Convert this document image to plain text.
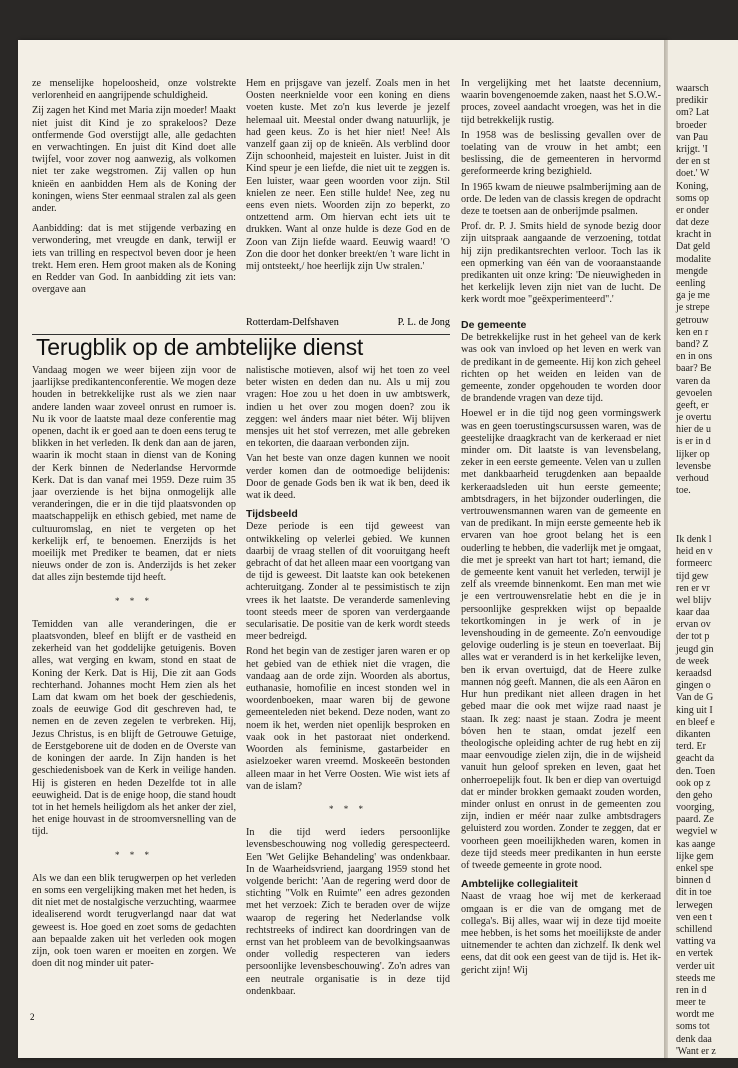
ze menselijke hopeloosheid, onze volstrekte verlorenheid en aangrijpende schuldigheid.

Zij zagen het Kind met Maria zijn moeder! Maakt niet juist dit Kind je zo sprakeloos? Deze ontfermende God overstijgt alle, alle gedachten en verwachtingen. En juist dit Kind doet alle twijfel, voor zover nog aanwezig, als volkomen niet ter zake wegstromen. Zij vallen op hun knieën en aanbidden Hem als de Koning der koningen, wiens Ster eenmaal stralen zal als geen ander.

Aanbidding: dat is met stijgende verbazing en verwondering, met vreugde en dank, terwijl er iets van trilling en respectvol beven door je heen trekt. Hem eren. Hem groot maken als de Koning en Redder van God. In aanbidding zit iets van: overgave aan

Hem en prijsgave van jezelf. Zoals men in het Oosten neerknielde voor een koning en diens voeten kuste. Met zo'n kus leverde je jezelf helemaal uit. Meestal onder dwang natuurlijk, je had geen keus. Zo is het hier niet! Nee! Als vanzelf gaan zij op de knieën. Als verblind door Zijn schoonheid, majesteit en luister. Juist in dit Kind speur je een liefde, die niet uit te zeggen is. Een luister, waar geen woorden voor zijn. Stil knielen ze neer. Een stille hulde! Nee, zeg nu eens even niets. Woorden zijn zo beperkt, zo ontzettend arm. Om hiervan echt iets uit te drukken. Want al onze hulde is deze God en de Zoon van Zijn liefde waard. Eeuwig waard! 'O Zon die door het donker breekt/en 't ware licht in mij ontsteekt,/ hoe heerlijk zijn Uw stralen.'

Rotterdam-Delfshaven	P. L. de Jong

In vergelijking met het laatste decennium, waarin bovengenoemde zaken, naast het S.O.W.-proces, zoveel aandacht vroegen, was het in die tijd betrekkelijk rustig.

In 1958 was de beslissing gevallen over de toelating van de vrouw in het ambt; een beslissing, die de gemeenteren in hervormd gereformeerde kring bezighield.

In 1965 kwam de nieuwe psalmberijming aan de orde. De leden van de classis kregen de opdracht deze te toetsen aan de onberijmde psalmen.

Prof. dr. P. J. Smits hield de synode bezig door zijn uitspraak aangaande de verzoening, totdat hij zijn predikantsrechten verloor. Toch las ik een opmerking van één van de vooraanstaande predikanten uit onze kring: 'De nieuwigheden in het kerkelijk leven zijn niet van de lucht. De kerk wordt moe "geëxperimenteerd".'

Terugblik op de ambtelijke dienst

Vandaag mogen we weer bijeen zijn voor de jaarlijkse predikantenconferentie. We mogen deze houden in betrekkelijke rust als we zien naar andere landen waar zoveel onrust en rumoer is. Nu ik voor de laatste maal deze conferentie mag openen, dacht ik er goed aan te doen eens terug te blikken in het verleden. Ik denk dan aan de jaren, waarin ik mocht staan in dienst van de Koning der Kerk binnen de Nederlandse Hervormde Kerk. Dat is dan vanaf mei 1959. Deze ruim 35 jaar overziende is het bijna onmogelijk alle veranderingen, die er in die tijd plaatsvonden op maatschappelijk en ethisch gebied, met name de cultuuromslag, en niet te vergeten op het kerkelijk erf, te benoemen. Enerzijds is het moeilijk met Prediker te beamen, dat er niets nieuws onder de zon is. Anderzijds is het zeker dat alles zijn bestemde tijd heeft.

* * *

Temidden van alle veranderingen, die er plaatsvonden, bleef en blijft er de vastheid en zekerheid van het goddelijke getuigenis. Boven alles, wat verging en kwam, stond en staat de Koning der Kerk. Dat is Hij, Die zit aan Gods rechterhand. Johannes mocht Hem zien als het Lam dat kwam om het boek der geschiedenis, zoals de eeuwige God dit geschreven had, te nemen en de zeven zegelen te verbreken. Hij, Jezus Christus, is en blijft de Getrouwe Getuige, de Eerstgeborene uit de doden en de Overste van de koningen der aarde. In Zijn handen is het geschiedenisboek van de Kerk in veilige handen. Hij is gisteren en heden Dezelfde tot in alle eeuwigheid. Dat is de enige hoop, die stand houdt tot in het hemels heiligdom als het anker der ziel, het enige houvast in de stroomversnelling van de tijd.

* * *

Als we dan een blik terugwerpen op het verleden en soms een vergelijking maken met het heden, is dit niet met de nostalgische verzuchting, waarmee idealiserend wordt terugverlangd naar dat wat geweest is. Hoe goed en zoet soms de gedachten aan bepaalde zaken uit het verleden ook mogen zijn, ook toen waren er moeiten en zorgen. We doen dit nog minder uit pater-

nalistische motieven, alsof wij het toen zo veel beter wisten en deden dan nu. Als u mij zou vragen: Hoe zou u het doen in uw ambtswerk, indien u het over zou mogen doen? zou ik zeggen: wel ánders maar niet béter. Wij blijven mensjes uit het stof verrezen, met alle gebreken en tekorten, die daaraan verbonden zijn.

Van het beste van onze dagen kunnen we nooit verder komen dan de ootmoedige belijdenis: Door de genade Gods ben ik wat ik ben, deed ik wat ik deed.

Tijdsbeeld

Deze periode is een tijd geweest van ontwikkeling op velerlei gebied. We kunnen daarbij de vraag stellen of dit vooruitgang heeft gebracht of dat het alleen maar een voortgang van de tijd is geweest. Dit laatste kan ook betekenen achteruitgang. Zonder al te pessimistisch te zijn vrees ik het laatste. De veranderde samenleving toont steeds meer de sporen van verdergaande secularisatie. De positie van de kerk wordt steeds meer bedreigd.

Rond het begin van de zestiger jaren waren er op het gebied van de ethiek niet die vragen, die vandaag aan de orde zijn. Woorden als abortus, euthanasie, homofilie en incest stonden wel in woordenboeken, maar waren bij de gewone gemeenteleden niet bekend. Deze noden, want zo noem ik het, werden niet openlijk besproken en vaak ook in het pastoraat niet onderkend. Woorden als feminisme, gastarbeider en asielzoeker waren vreemd. Moskeeën bestonden alleen maar in het Verre Oosten. Wie wist iets af van de islam?

* * *

In die tijd werd ieders persoonlijke levensbeschouwing nog volledig gerespecteerd. Een 'Wet Gelijke Behandeling' was ondenkbaar. In de Waarheidsvriend, jaargang 1959 stond het volgende bericht: 'Aan de regering werd door de stichting "Volk en Ruimte" een adres gezonden met het verzoek: Zich te beraden over de wijze waarop de regering het Nederlandse volk rechtstreeks of indirect kan doordringen van de ernst van het probleem van de bevolkingsaanwas onder volledig respecteren van ieders persoonlijke levensbeschouwing'. Zo'n adres van een neutrale organisatie is in deze tijd ondenkbaar.

De gemeente

De betrekkelijke rust in het geheel van de kerk was ook van invloed op het leven en werk van de predikant in de gemeente. Hij kon zich geheel richten op het weiden en leiden van de gemeente, zonder opgehouden te worden door de brandende vragen van deze tijd.

Hoewel er in die tijd nog geen vormingswerk was en geen toerustingscursussen waren, was de geestelijke draagkracht van de kerkeraad er niet minder om. Dit laatste is van levensbelang, zeker in een eerste gemeente. Velen van u zullen met dankbaarheid terugdenken aan bepaalde kerkeraadsleden uit hun eerste gemeente; ambtsdragers, in het bijzonder ouderlingen, die vertrouwensmannen waren van de gemeente en van de predikant. In mijn eerste gemeente heb ik ervaren van hoe groot belang het is een ouderling te hebben, die vaderlijk met je omgaat, die met je spreekt van hart tot hart; iemand, die de gemeente kent vanuit het verleden, terwijl je zelf als vreemde binnenkomt. Een man met wie je een vertrouwensrelatie hebt en die je in persoonlijke gesprekken wijst op bepaalde tekortkomingen in je werk of in je levenshouding in de gemeente. Zo'n eenvoudige gelovige ouderling is je steun en toeverlaat. Bij alles wat er veranderd is in het kerkelijke leven, ben ik ervan overtuigd, dat de Heere zulke mannen nóg geeft. Mannen, die als een Aäron en Hur hun predikant niet alleen dragen in het gebed maar die ook met wijze raad naast je staan. Ik zeg: naast je staan. Zodra je meent bóven hen te staan, omdat jezelf een theologische opleiding achter de rug hebt en zij maar eenvoudige zielen zijn, die in de wijsheid vanuit hun geloof spreken en leven, gaat het onherroepelijk fout. Ik ben er diep van overtuigd dat er minder brokken gemaakt zouden worden, minder onlust en onrust in de gemeenten zou zijn, indien er méér naar zulke ambtsdragers geluisterd zou worden. Zonder te zeggen, dat er voorheen geen moeilijkheden waren, komen in deze tijd steeds meer predikanten in hun eerste of tweede gemeente in grote nood.

Ambtelijke collegialiteit

Naast de vraag hoe wij met de kerkeraad omgaan is er die van de omgang met de collega's. Bij alles, waar wij in deze tijd moeite mee hebben, is het soms het moeilijkste de ander uitnemender te achten dan zichzelf. Ik denk wel eens, dat dit ook een geest van de tijd is. Het ik-gericht zijn! Wij

2
waarsch
predikir
om? Lat
broeder
van Pau
krijgt. 'I
der en st
doet.' W
Koning,
soms op
er onder
dat deze
kracht in
Dat geld
modalite
mengde
eenling
ga je me
je strepe
getrouw
ken en r
band? Z
en in ons
baar? Be
varen da
gevoelen
geeft, er
je overtu
hier de u
is er in d
lijker op
levensbe
verhoud
toe.
Ik denk l
heid en v
formeerc
tijd gew
ren er vr
wel blijv
kaar daa
ervan ov
der tot p
jeugd gin
de week
keraadsd
gingen o
Van de G
king uit I
en bleef e
dikanten
terd. Er
geacht da
den. Toen
ook op z
den geho
voorging,
paard. Ze
wegviel w
kas aange
lijke gem
enkel spe
binnen d
dit in toe
lerwegen
ven een t
schillend
vatting va
en vertek
verder uit
steeds me
ren in d
meer te
wordt me
soms tot
denk daa
'Want er z
